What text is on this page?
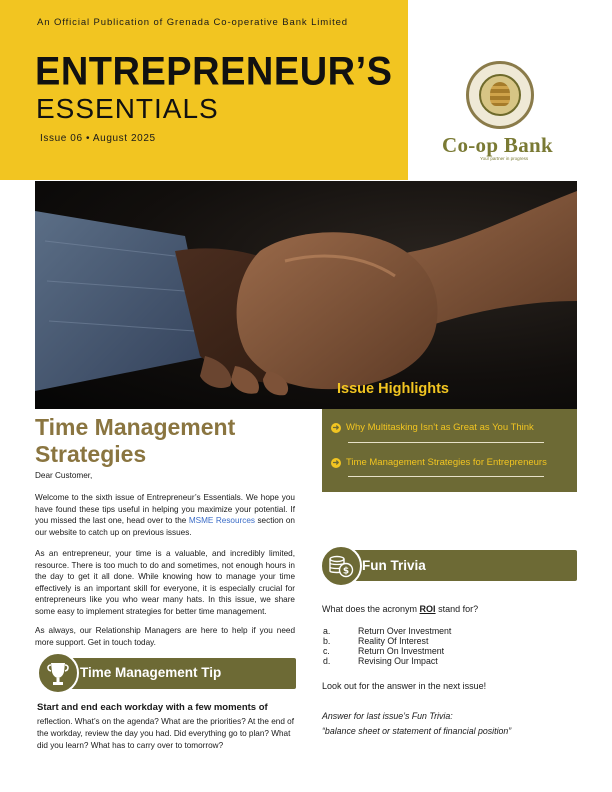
An Official Publication of Grenada Co-operative Bank Limited
ENTREPRENEUR’S
ESSENTIALS
Issue 06 • August 2025	Co-op Bank
Your partner in progress
Issue Highlights
➜ Why Multitasking Isn’t as Great as You Think
➜ Time Management Strategies for Entrepreneurs
Time Management Strategies
Dear Customer,
Welcome to the sixth issue of Entrepreneur’s Essentials. We hope you have found these tips useful in helping you maximize your potential. If you missed the last one, head over to the MSME Resources section on our website to catch up on previous issues.
As an entrepreneur, your time is a valuable, and incredibly limited, resource. There is too much to do and sometimes, not enough hours in the day to get it all done. While knowing how to manage your time effectively is an important skill for everyone, it is especially crucial for entrepreneurs like you who wear many hats. In this issue, we share some easy to implement strategies for better time management.
As always, our Relationship Managers are here to help if you need more support. Get in touch today.
Time Management Tip
Start and end each workday with a few moments of
reflection. What’s on the agenda? What are the priorities? At the end of the workday, review the day you had. Did everything go to plan? What did you learn? What has to carry over to tomorrow?
$ Fun Trivia
What does the acronym ROI stand for?
a.	Return Over Investment
b.	Reality Of Interest
c.	Return On Investment
d.	Revising Our Impact
Look out for the answer in the next issue!
Answer for last issue’s Fun Trivia:
“balance sheet or statement of financial position”
